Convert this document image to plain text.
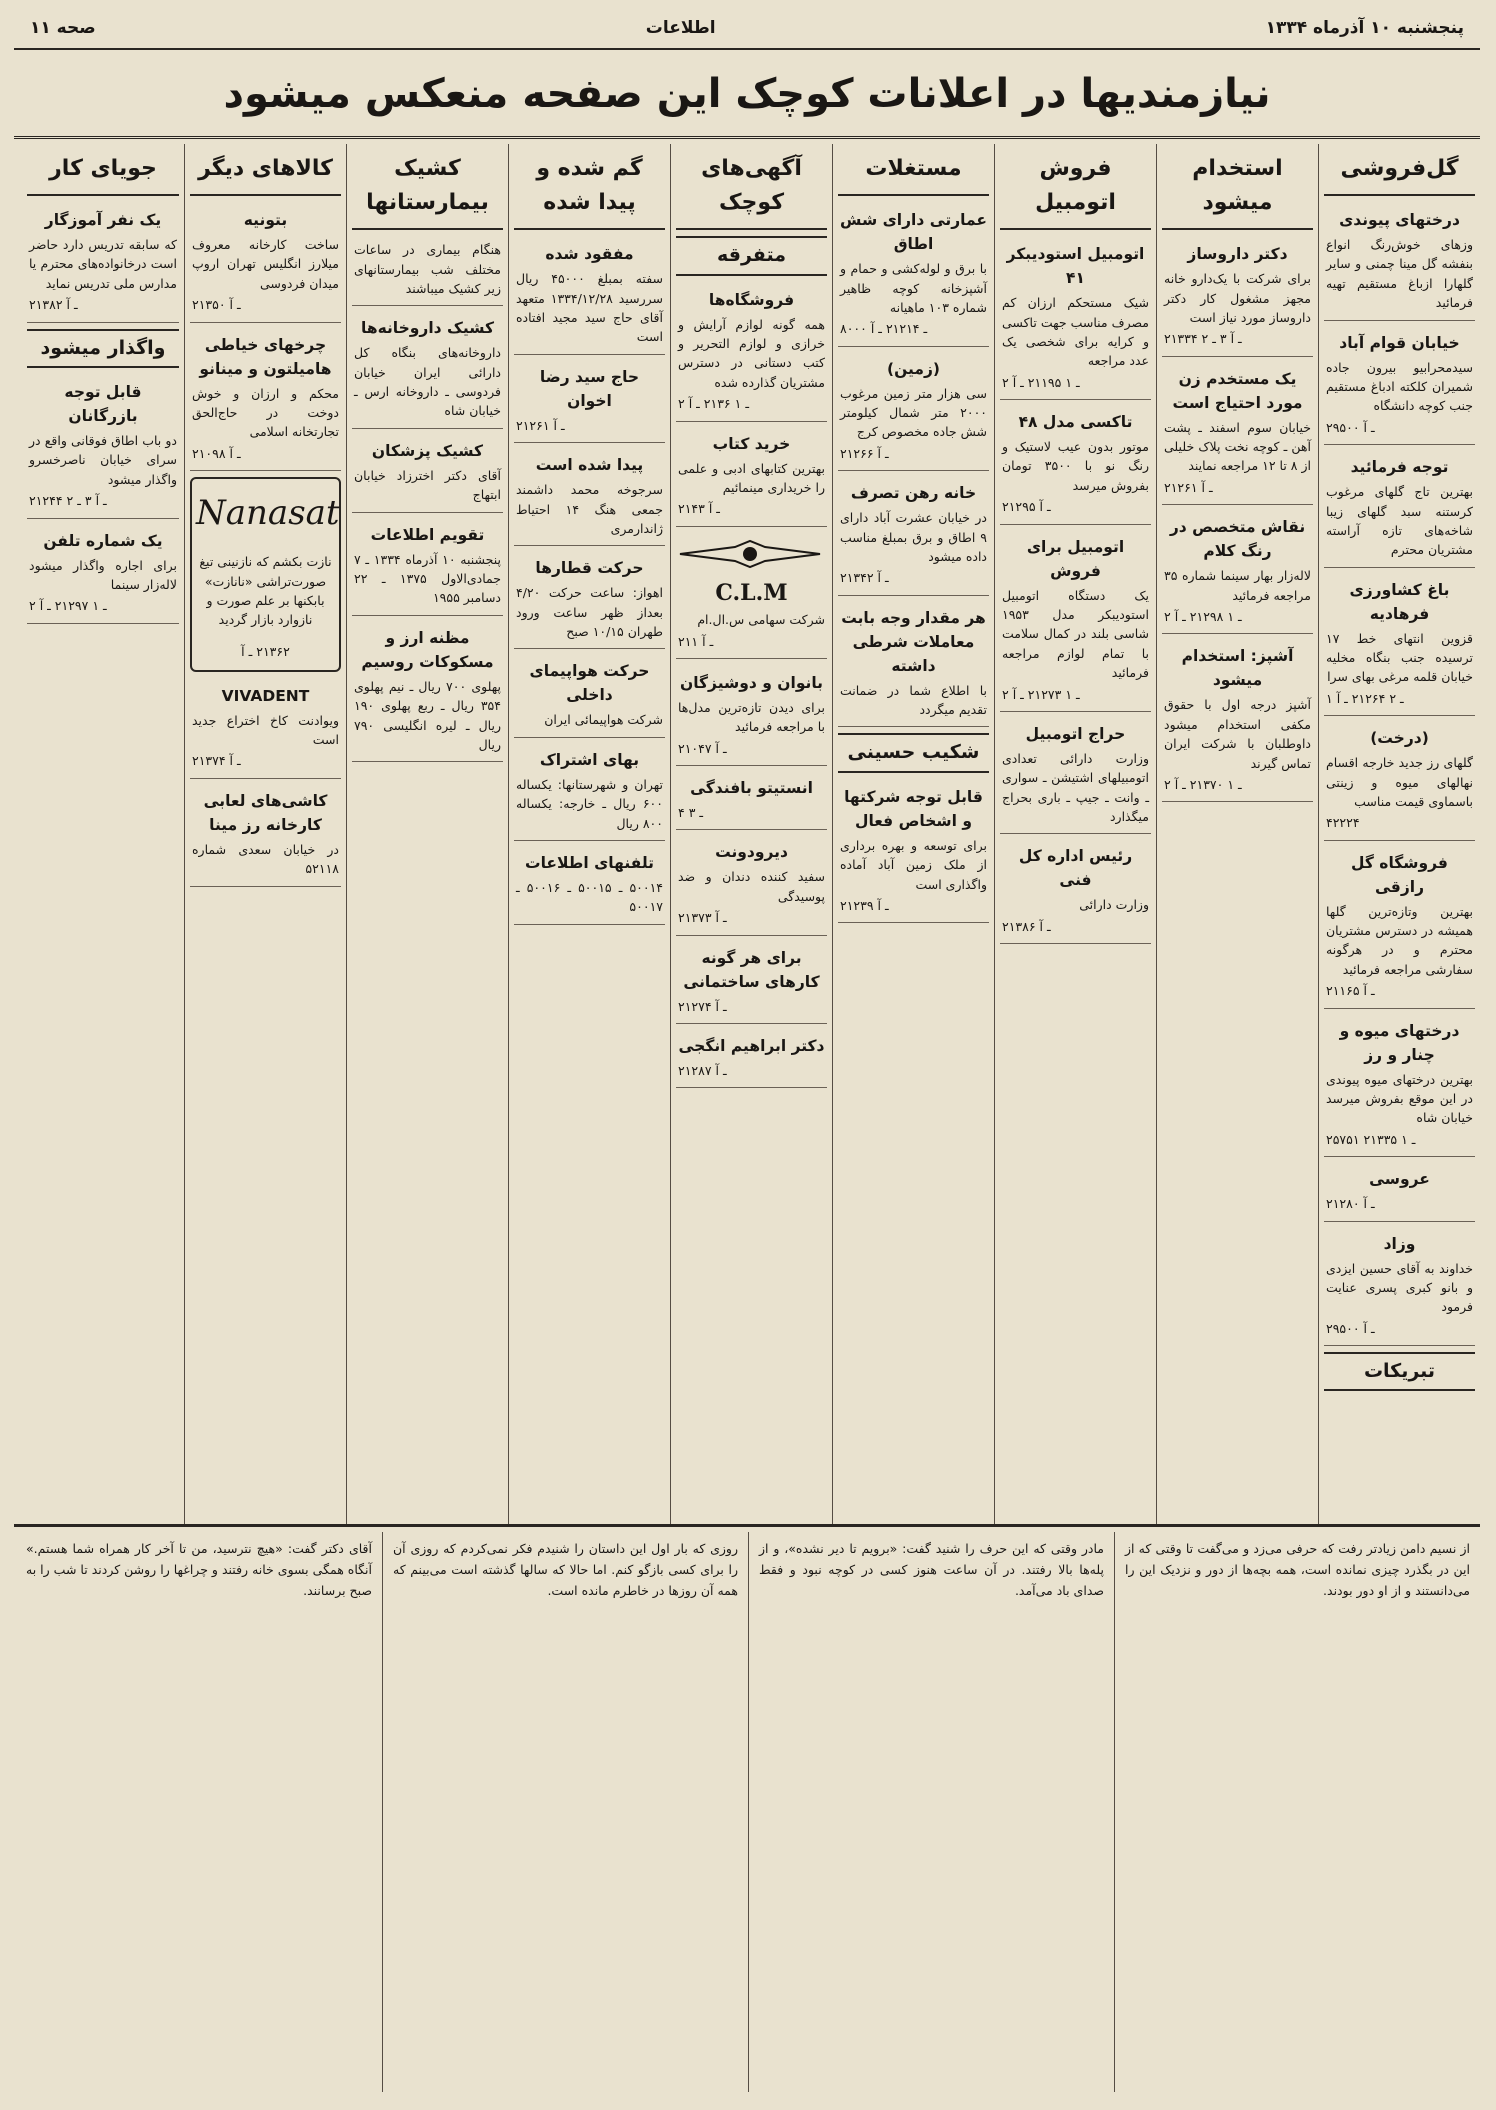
صحه ۱۱	اطلاعات	پنجشنبه ۱۰ آذرماه ۱۳۳۴
نیازمندیها در اعلانات کوچک این صفحه منعکس میشود
گل‌فروشی
درختهای پیوندی

وزهای خوش‌رنگ انواع بنفشه گل مینا چمنی و سایر گلهارا ازباغ مستقیم تهیه فرمائید

خیابان قوام آباد

سیدمحرابیو بیرون جاده شمیران کلکته ادباغ مستقیم جنب کوچه دانشگاه

۲۹۵۰۰ ـ آ
توجه فرمائید

بهترین تاج گلهای مرغوب کرستنه سبد گلهای زیبا شاخه‌های تازه آراسته مشتریان محترم

باغ کشاورزی فرهادیه

قزوین انتهای خط ۱۷ ترسیده جنب بنگاه مخلیه خیابان قلمه مرغی بهای سرا

۱ ـ ۲ ۲۱۲۶۴ ـ آ
(درخت)

گلهای رز جدید خارجه اقسام نهالهای میوه و زینتی باسماوی قیمت مناسب

۴۲۲۲۴
فروشگاه گل رازقی

بهترین وتازه‌ترین گلها همیشه در دسترس مشتریان محترم و در هرگونه سفارشی مراجعه فرمائید

۲۱۱۶۵ ـ آ
درختهای میوه و چنار و رز

بهترین درختهای میوه پیوندی در این موقع بفروش میرسد خیابان شاه

۲۵۷۵۱ ـ ۱ ۲۱۳۳۵
عروسی
۲۱۲۸۰ ـ آ
وزاد

خداوند به آقای حسین ایزدی و بانو کبری پسری عنایت فرمود

۲۹۵۰۰ ـ آ
تبریکات
استخدام میشود
دکتر داروساز

برای شرکت با یک‌دارو خانه مجهز مشغول کار دکتر داروساز مورد نیاز است

۲۱۳۳۴ ـ آ ۳ ـ ۲
یک مستخدم زن مورد احتیاج است

خیابان سوم اسفند ـ پشت آهن ـ کوچه نخت پلاک خلیلی از ۸ تا ۱۲ مراجعه نمایند

۲۱۲۶۱ ـ آ
نقاش متخصص در رنگ کلام

لاله‌زار بهار سینما شماره ۳۵ مراجعه فرمائید

۲ ـ ۱ ۲۱۲۹۸ ـ آ
آشپز: استخدام میشود

آشپز درجه اول با حقوق مکفی استخدام میشود داوطلبان با شرکت ایران تماس گیرند

۲ ـ ۱ ۲۱۳۷۰ ـ آ
فروش اتومبیل
اتومبیل استودیبکر ۴۱

شیک مستحکم ارزان کم مصرف مناسب جهت تاکسی و کرایه برای شخصی یک عدد مراجعه

۲ ـ ۱ ۲۱۱۹۵ ـ آ
تاکسی مدل ۴۸

موتور بدون عیب لاستیک و رنگ نو با ۳۵۰۰ تومان بفروش میرسد

۲۱۲۹۵ ـ آ
اتومبیل برای فروش

یک دستگاه اتومبیل استودیبکر مدل ۱۹۵۳ شاسی بلند در کمال سلامت با تمام لوازم مراجعه فرمائید

۲ ـ ۱ ۲۱۲۷۳ ـ آ
حراج اتومبیل

وزارت دارائی تعدادی اتومبیلهای اشتیشن ـ سواری ـ وانت ـ جیپ ـ باری بحراج میگذارد

رئیس اداره کل فنی

وزارت دارائی

۲۱۳۸۶ ـ آ
مستغلات
عمارتی دارای شش اطاق

با برق و لوله‌کشی و حمام و آشپزخانه کوچه ظاهیر شماره ۱۰۳ ماهیانه

۸۰۰۰ ـ ۲۱۲۱۴ ـ آ
(زمین)

سی هزار متر زمین مرغوب ۲۰۰۰ متر شمال کیلومتر شش جاده مخصوص کرج

۲۱۲۶۶ ـ آ
خانه رهن تصرف

در خیابان عشرت آباد دارای ۹ اطاق و برق بمبلغ مناسب داده میشود

۲۱۳۴۲ ـ آ
هر مقدار وجه بابت معاملات شرطی داشته

با اطلاع شما در ضمانت تقدیم میگردد

شکیب حسینی
قابل توجه شرکتها و اشخاص فعال

برای توسعه و بهره برداری از ملک زمین آباد آماده واگذاری است

۲۱۲۳۹ ـ آ
آگهی‌های کوچک
متفرقه
فروشگاه‌ها

همه گونه لوازم آرایش و خرازی و لوازم التحریر و کتب دستانی در دسترس مشتریان گذارده شده

۲ ـ ۱ ۲۱۳۶ ـ آ
خرید کتاب

بهترین کتابهای ادبی و علمی را خریداری مینمائیم

۲۱۴۳ ـ آ
C.L.M

شرکت سهامی س.ال.ام

۲۱۱ ـ آ
بانوان و دوشیزگان

برای دیدن تازه‌ترین مدل‌ها با مراجعه فرمائید

۲۱۰۴۷ ـ آ
انستیتو بافندگی
۴ ـ ۳
دیرودونت

سفید کننده دندان و ضد پوسیدگی

۲۱۳۷۳ ـ آ
برای هر گونه کارهای ساختمانی
۲۱۲۷۴ ـ آ
دکتر ابراهیم انگجی
۲۱۲۸۷ ـ آ
گم شده و پیدا شده
مفقود شده

سفته بمبلغ ۴۵۰۰۰ ریال سررسید ۱۳۳۴/۱۲/۲۸ متعهد آقای حاج سید مجید افتاده است

حاج سید رضا اخوان
۲۱۲۶۱ ـ آ
پیدا شده است

سرجوخه محمد داشمند جمعی هنگ ۱۴ احتیاط ژاندارمری

حرکت قطارها

اهواز: ساعت حرکت ۴/۲۰ بعداز ظهر ساعت ورود طهران ۱۰/۱۵ صبح

حرکت هواپیمای داخلی

شرکت هواپیمائی ایران

بهای اشتراک

تهران و شهرستانها: یکساله ۶۰۰ ریال ـ خارجه: یکساله ۸۰۰ ریال

تلفنهای اطلاعات

۵۰۰۱۴ ـ ۵۰۰۱۵ ـ ۵۰۰۱۶ ـ ۵۰۰۱۷

کشیک بیمارستانها

هنگام بیماری در ساعات مختلف شب بیمارستانهای زیر کشیک میباشند

کشیک داروخانه‌ها

داروخانه‌های بنگاه کل دارائی ایران خیابان فردوسی ـ داروخانه ارس ـ خیابان شاه

کشیک پزشکان

آقای دکتر اخترزاد خیابان ابتهاج

تقویم اطلاعات

پنجشنبه ۱۰ آذرماه ۱۳۳۴ ـ ۷ جمادی‌الاول ۱۳۷۵ ـ ۲۲ دسامبر ۱۹۵۵

مظنه ارز و مسکوکات روسیم

پهلوی ۷۰۰ ریال ـ نیم پهلوی ۳۵۴ ریال ـ ربع پهلوی ۱۹۰ ریال ـ لیره انگلیسی ۷۹۰ ریال

کالاهای دیگر
بتونیه

ساخت کارخانه معروف میلارز انگلیس تهران اروپ میدان فردوسی

۲۱۳۵۰ ـ آ
چرخهای خیاطی هامیلتون و مینانو

محکم و ارزان و خوش دوخت در حاج‌الحق تجارتخانه اسلامی

۲۱۰۹۸ ـ آ
Nanasat

نازت بکشم که نازنینی تیغ صورت‌تراشی «نانازت» بابکنها بر علم صورت و نازوارد بازار گردید

۲۱۳۶۲ ـ آ
VIVADENT

ویوادنت کاخ اختراع جدید است

۲۱۳۷۴ ـ آ
کاشی‌های لعابی کارخانه رز مینا

در خیابان سعدی شماره ۵۲۱۱۸

جویای کار
یک نفر آموزگار

که سابقه تدریس دارد حاضر است درخانواده‌های محترم یا مدارس ملی تدریس نماید

۲۱۳۸۲ ـ آ
واگذار میشود
قابل توجه بازرگانان

دو باب اطاق فوقانی واقع در سرای خیابان ناصرخسرو واگذار میشود

۲۱۲۴۴ ـ آ ۳ ـ ۲
یک شماره تلفن

برای اجاره واگذار میشود لاله‌زار سینما

۲ ـ ۱ ۲۱۲۹۷ ـ آ

از نسیم دامن زیادتر رفت که حرفی می‌زد و می‌گفت تا وقتی که از این در بگذرد چیزی نمانده است، همه بچه‌ها از دور و نزدیک این را می‌دانستند و از او دور بودند.

مادر وقتی که این حرف را شنید گفت: «برویم تا دیر نشده»، و از پله‌ها بالا رفتند. در آن ساعت هنوز کسی در کوچه نبود و فقط صدای باد می‌آمد.

روزی که بار اول این داستان را شنیدم فکر نمی‌کردم که روزی آن را برای کسی بازگو کنم. اما حالا که سالها گذشته است می‌بینم که همه آن روزها در خاطرم مانده است.

آقای دکتر گفت: «هیچ نترسید، من تا آخر کار همراه شما هستم.» آنگاه همگی بسوی خانه رفتند و چراغها را روشن کردند تا شب را به صبح برسانند.
